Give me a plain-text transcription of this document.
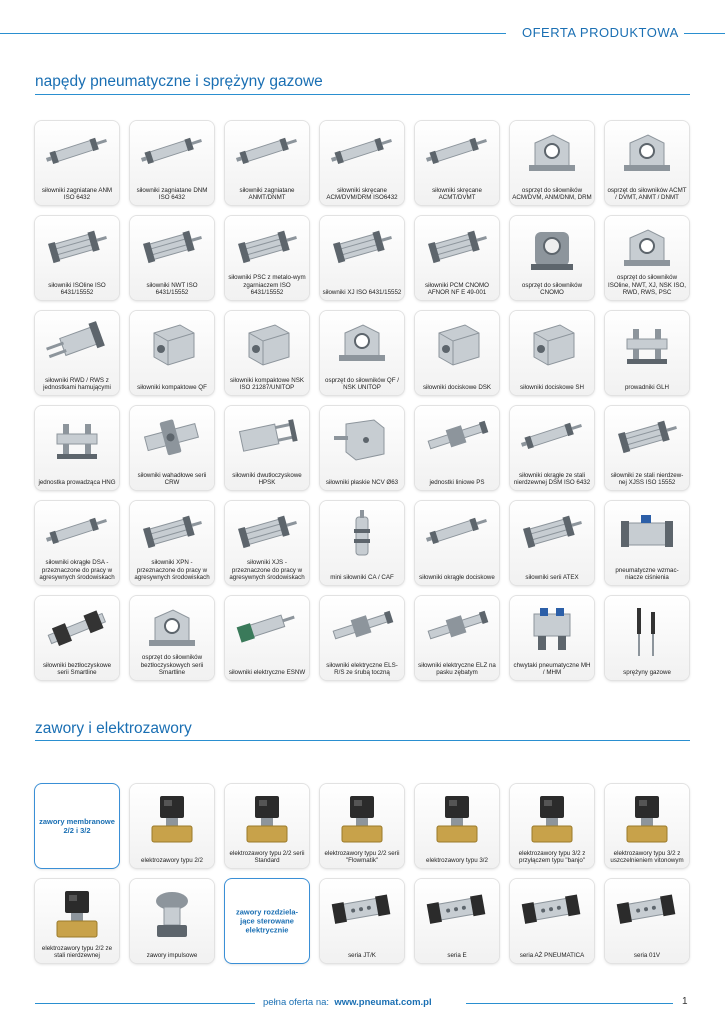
OFERTA PRODUKTOWA
napędy pneumatyczne i sprężyny gazowe
siłowniki zagniatane ANM ISO 6432
siłowniki zagniatane DNM ISO 6432
siłowniki zagniatane ANMT/DNMT
siłowniki skręcane ACM/DVM/DRM ISO6432
siłowniki skręcane ACMT/DVMT
osprzęt do siłowników ACM/DVM, ANM/DNM, DRM
osprzęt do siłowników ACMT / DVMT, ANMT / DNMT
siłowniki ISOline ISO 6431/15552
siłowniki NWT ISO 6431/15552
siłowniki PSC z metalo-wym zgarniaczem ISO 6431/15552	siłowniki XJ ISO 6431/15552
siłowniki PCM CNOMO AFNOR NF E 49-001
osprzęt do siłowników CNOMO
osprzęt do siłowników ISOline, NWT, XJ, NSK ISO, RWD, RWS, PSC
siłowniki RWD / RWS z jednostkami hamującymi	siłowniki kompaktowe QF
siłowniki kompaktowe NSK ISO 21287/UNITOP
osprzęt do siłowników QF / NSK UNITOP	siłowniki dociskowe DSK	siłowniki dociskowe SH	prowadniki GLH
jednostka prowadząca HNG
siłowniki wahadłowe serii CRW
siłowniki dwutłoczyskowe HPSK	siłowniki płaskie NCV Ø63	jednostki liniowe PS
siłowniki okrągłe ze stali nierdzewnej DSM ISO 6432
siłowniki ze stali nierdzew-nej XJSS ISO 15552
siłowniki okrągłe DSA - przeznaczone do pracy w agresywnych środowiskach
siłowniki XPN - przeznaczone do pracy w agresywnych środowiskach
siłowniki XJS - przeznaczone do pracy w agresywnych środowiskach	mini siłowniki CA / CAF	siłowniki okrągłe dociskowe	siłowniki serii ATEX
pneumatyczne wzmac-niacze ciśnienia
siłowniki beztłoczyskowe serii Smartline
osprzęt do siłowników beztłoczyskowych serii Smartline	siłowniki elektryczne ESNW
siłowniki elektryczne ELS-R/S ze śrubą toczną
siłowniki elektryczne ELZ na pasku zębatym
chwytaki pneumatyczne MH / MHM	sprężyny gazowe
zawory i elektrozawory
zawory membranowe 2/2 i 3/2
elektrozawory typu 2/2
elektrozawory typu 2/2 serii Standard
elektrozawory typu 2/2 serii "Flowmatik"	elektrozawory typu 3/2
elektrozawory typu 3/2 z przyłączem typu "banjo"
elektrozawory typu 3/2 z uszczelnieniem vitonowym
elektrozawory typu 2/2 ze stali nierdzewnej	zawory impulsowe
zawory rozdziela-jące sterowane elektrycznie
seria JT/K	seria E	seria AŻ PNEUMATICA	seria 01V
pełna oferta na: www.pneumat.com.pl	1
